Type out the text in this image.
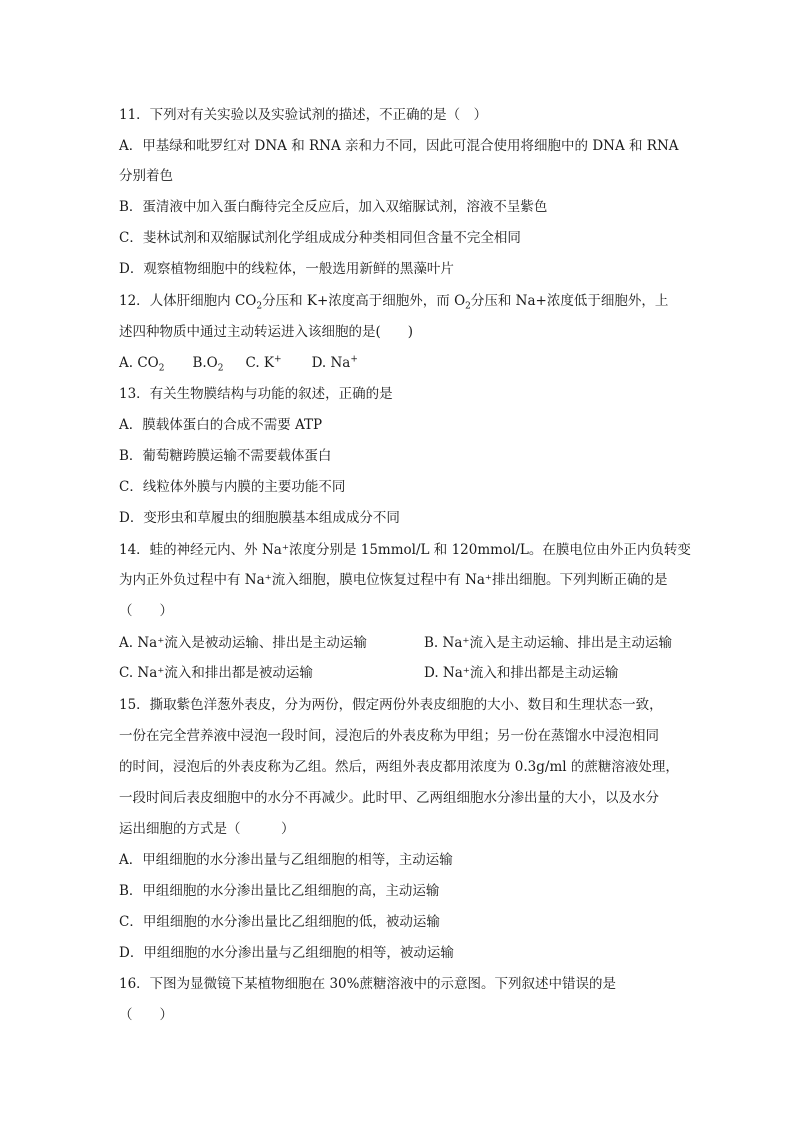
11．下列对有关实验以及实验试剂的描述，不正确的是（　）
A．甲基绿和吡罗红对 DNA 和 RNA 亲和力不同，因此可混合使用将细胞中的 DNA 和 RNA
分别着色
B．蛋清液中加入蛋白酶待完全反应后，加入双缩脲试剂，溶液不呈紫色
C．斐林试剂和双缩脲试剂化学组成成分种类相同但含量不完全相同
D．观察植物细胞中的线粒体，一般选用新鲜的黑藻叶片
12．人体肝细胞内 $CO_2$分压和 K+浓度高于细胞外，而 $O_2$分压和 Na+浓度低于细胞外，上
述四种物质中通过主动转运进入该细胞的是(　　)
A. $CO_2$ $B.O_2$ C. K+ D. Na+
13．有关生物膜结构与功能的叙述，正确的是
A．膜载体蛋白的合成不需要 ATP
B．葡萄糖跨膜运输不需要载体蛋白
C．线粒体外膜与内膜的主要功能不同
D．变形虫和草履虫的细胞膜基本组成成分不同
14．蛙的神经元内、外 Na⁺浓度分别是 15mmol/L 和 120mmol/L。在膜电位由外正内负转变
为内正外负过程中有 Na⁺流入细胞，膜电位恢复过程中有 Na⁺排出细胞。下列判断正确的是
（　　）
A. Na⁺流入是被动运输、排出是主动运输	B. Na⁺流入是主动运输、排出是主动运输
C. Na⁺流入和排出都是被动运输	D. Na⁺流入和排出都是主动运输
15．撕取紫色洋葱外表皮，分为两份，假定两份外表皮细胞的大小、数目和生理状态一致，
一份在完全营养液中浸泡一段时间，浸泡后的外表皮称为甲组；另一份在蒸馏水中浸泡相同
的时间，浸泡后的外表皮称为乙组。然后，两组外表皮都用浓度为 0.3g/ml 的蔗糖溶液处理，
一段时间后表皮细胞中的水分不再减少。此时甲、乙两组细胞水分渗出量的大小，以及水分
运出细胞的方式是（　　　）
A．甲组细胞的水分渗出量与乙组细胞的相等，主动运输
B．甲组细胞的水分渗出量比乙组细胞的高，主动运输
C．甲组细胞的水分渗出量比乙组细胞的低，被动运输
D．甲组细胞的水分渗出量与乙组细胞的相等，被动运输
16．下图为显微镜下某植物细胞在 30%蔗糖溶液中的示意图。下列叙述中错误的是
（　　）
